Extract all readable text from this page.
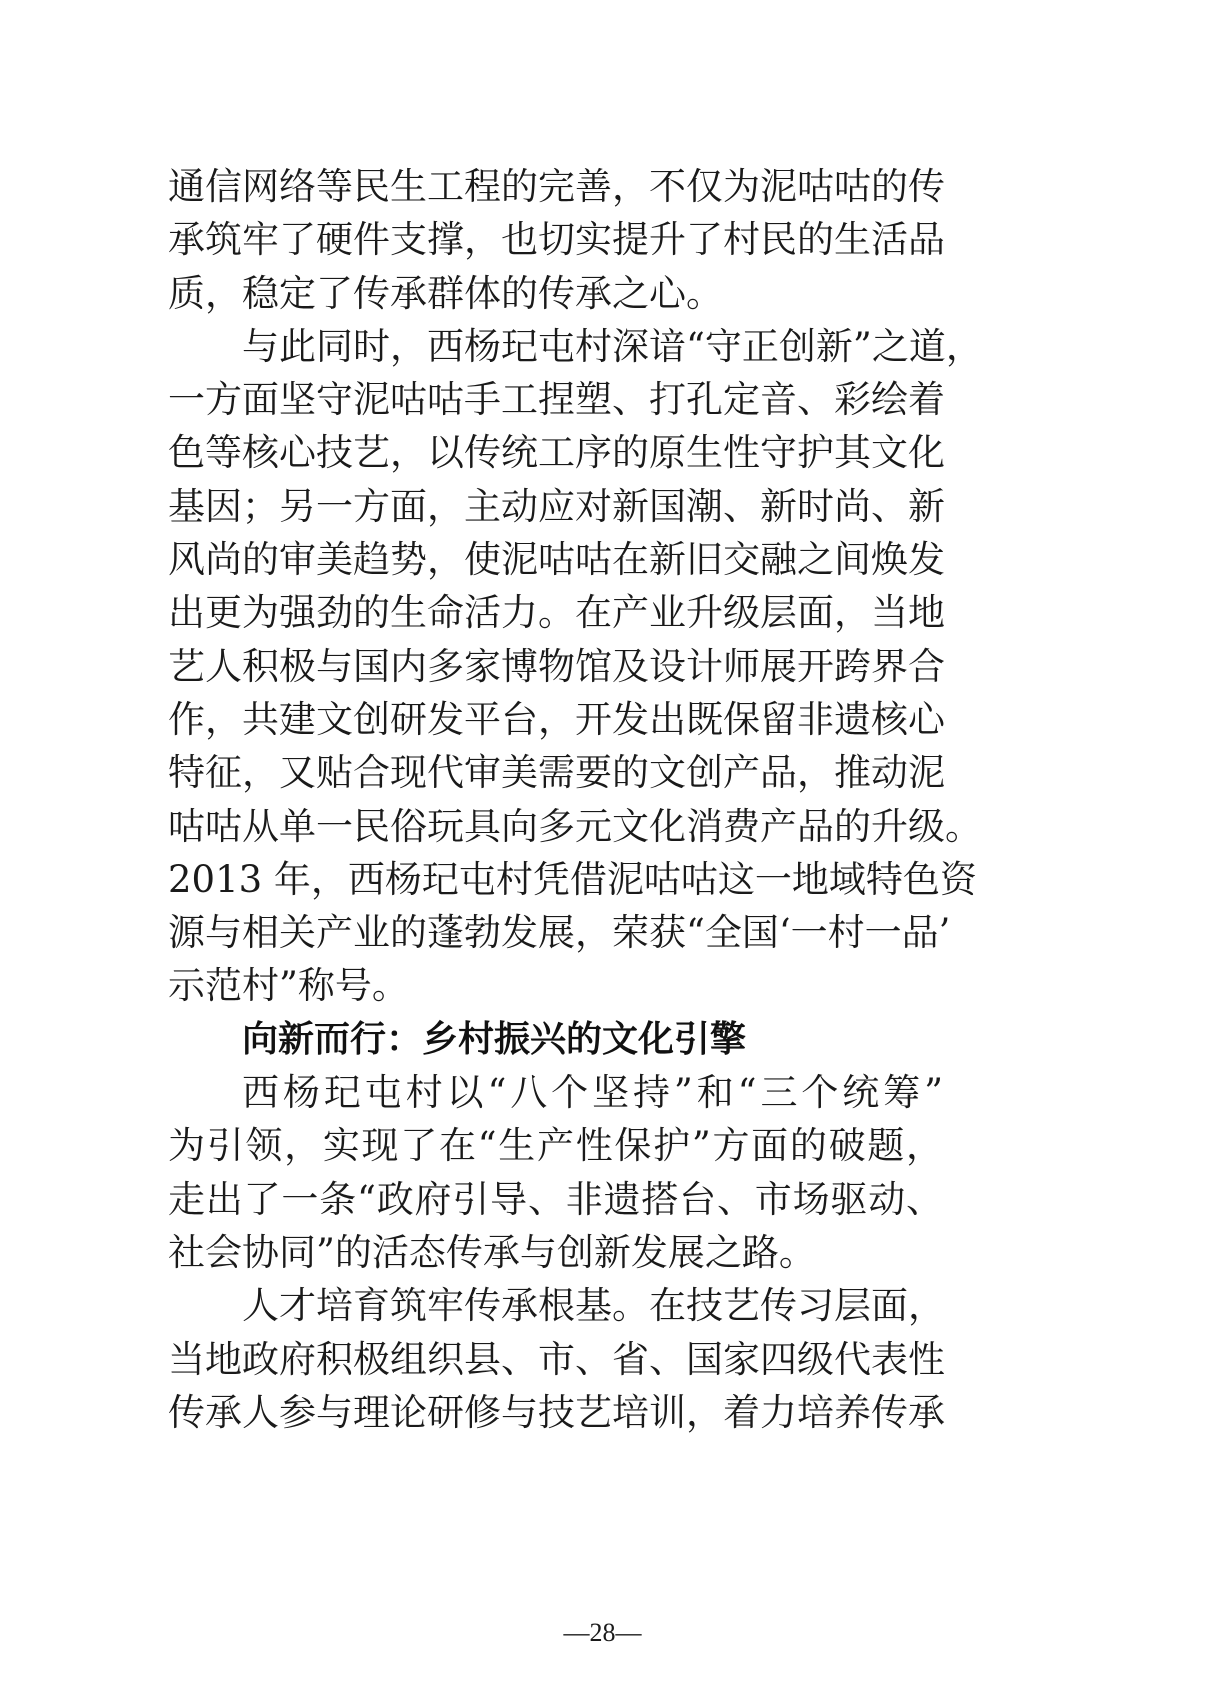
通信网络等民生工程的完善，不仅为泥咕咕的传
承筑牢了硬件支撑，也切实提升了村民的生活品
质，稳定了传承群体的传承之心。
与此同时，西杨玘屯村深谙“守正创新”之道，
一方面坚守泥咕咕手工捏塑、打孔定音、彩绘着
色等核心技艺，以传统工序的原生性守护其文化
基因；另一方面，主动应对新国潮、新时尚、新
风尚的审美趋势，使泥咕咕在新旧交融之间焕发
出更为强劲的生命活力。在产业升级层面，当地
艺人积极与国内多家博物馆及设计师展开跨界合
作，共建文创研发平台，开发出既保留非遗核心
特征，又贴合现代审美需要的文创产品，推动泥
咕咕从单一民俗玩具向多元文化消费产品的升级。
2013 年，西杨玘屯村凭借泥咕咕这一地域特色资
源与相关产业的蓬勃发展，荣获“全国‘一村一品’
示范村”称号。
向新而行：乡村振兴的文化引擎
西杨玘屯村以“八个坚持”和“三个统筹”
为引领，实现了在“生产性保护”方面的破题，
走出了一条“政府引导、非遗搭台、市场驱动、
社会协同”的活态传承与创新发展之路。
人才培育筑牢传承根基。在技艺传习层面，
当地政府积极组织县、市、省、国家四级代表性
传承人参与理论研修与技艺培训，着力培养传承
—28—
